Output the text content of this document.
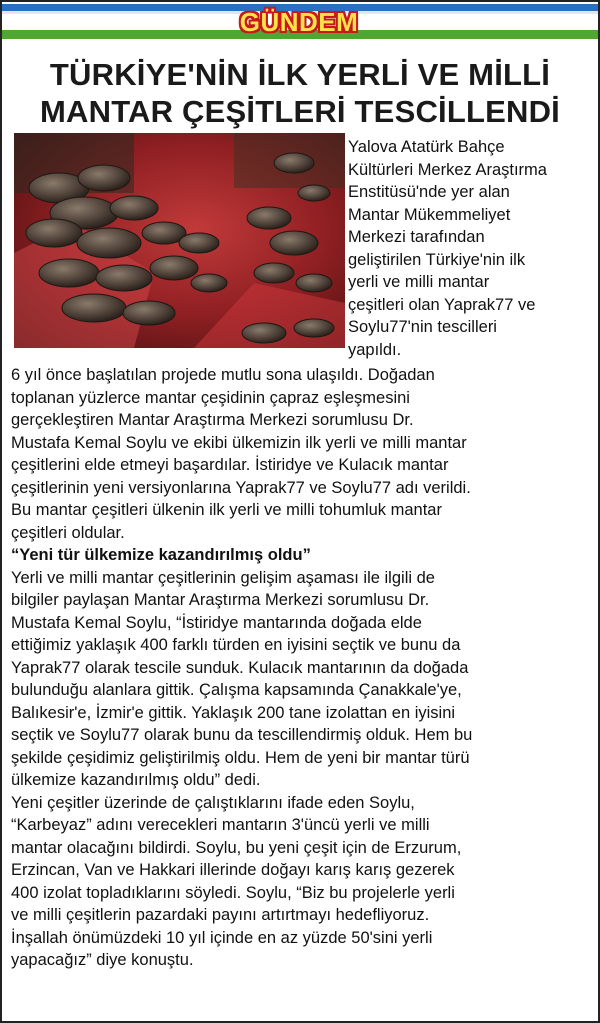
GÜNDEM
TÜRKİYE'NİN İLK YERLİ VE MİLLİ
MANTAR ÇEŞİTLERİ TESCİLLENDİ

Yalova Atatürk Bahçe
Kültürleri Merkez Araştırma
Enstitüsü'nde yer alan
Mantar Mükemmeliyet
Merkezi tarafından
geliştirilen Türkiye'nin ilk
yerli ve milli mantar
çeşitleri olan Yaprak77 ve
Soylu77'nin tescilleri
yapıldı.

6 yıl önce başlatılan projede mutlu sona ulaşıldı. Doğadan
toplanan yüzlerce mantar çeşidinin çapraz eşleşmesini
gerçekleştiren Mantar Araştırma Merkezi sorumlusu Dr.
Mustafa Kemal Soylu ve ekibi ülkemizin ilk yerli ve milli mantar
çeşitlerini elde etmeyi başardılar. İstiridye ve Kulacık mantar
çeşitlerinin yeni versiyonlarına Yaprak77 ve Soylu77 adı verildi.
Bu mantar çeşitleri ülkenin ilk yerli ve milli tohumluk mantar
çeşitleri oldular.

“Yeni tür ülkemize kazandırılmış oldu”

Yerli ve milli mantar çeşitlerinin gelişim aşaması ile ilgili de
bilgiler paylaşan Mantar Araştırma Merkezi sorumlusu Dr.
Mustafa Kemal Soylu, “İstiridye mantarında doğada elde
ettiğimiz yaklaşık 400 farklı türden en iyisini seçtik ve bunu da
Yaprak77 olarak tescile sunduk. Kulacık mantarının da doğada
bulunduğu alanlara gittik. Çalışma kapsamında Çanakkale'ye,
Balıkesir'e, İzmir'e gittik. Yaklaşık 200 tane izolattan en iyisini
seçtik ve Soylu77 olarak bunu da tescillendirmiş olduk. Hem bu
şekilde çeşidimiz geliştirilmiş oldu. Hem de yeni bir mantar türü
ülkemize kazandırılmış oldu” dedi.

Yeni çeşitler üzerinde de çalıştıklarını ifade eden Soylu,
“Karbeyaz” adını verecekleri mantarın 3'üncü yerli ve milli
mantar olacağını bildirdi. Soylu, bu yeni çeşit için de Erzurum,
Erzincan, Van ve Hakkari illerinde doğayı karış karış gezerek
400 izolat topladıklarını söyledi. Soylu, “Biz bu projelerle yerli
ve milli çeşitlerin pazardaki payını artırtmayı hedefliyoruz.
İnşallah önümüzdeki 10 yıl içinde en az yüzde 50'sini yerli
yapacağız” diye konuştu.
